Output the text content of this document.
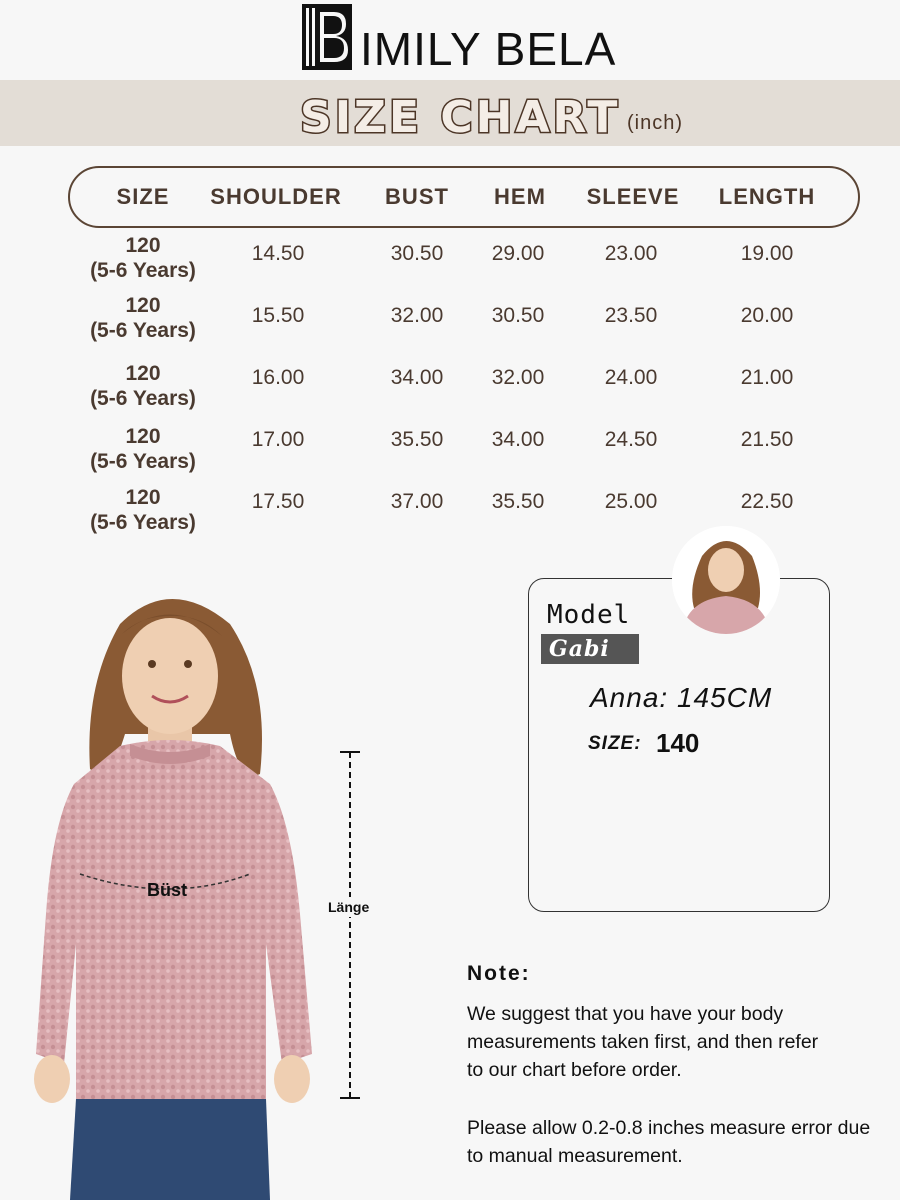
IMILY BELA
SIZE CHART (inch)
SIZE	SHOULDER	BUST	HEM	SLEEVE	LENGTH
120
(5-6 Years)
14.50	30.50	29.00	23.00	19.00
120
(5-6 Years)
15.50	32.00	30.50	23.50	20.00
120
(5-6 Years)
16.00	34.00	32.00	24.00	21.00
120
(5-6 Years)
17.00	35.50	34.00	24.50	21.50
120
(5-6 Years)
17.50	37.00	35.50	25.00	22.50
Büst
Länge
Model
Gabi
Anna: 145CM
SIZE: 140
Note:
We suggest that you have your body measurements taken first, and then refer to our chart before order.
Please allow 0.2-0.8 inches measure error due to manual measurement.
